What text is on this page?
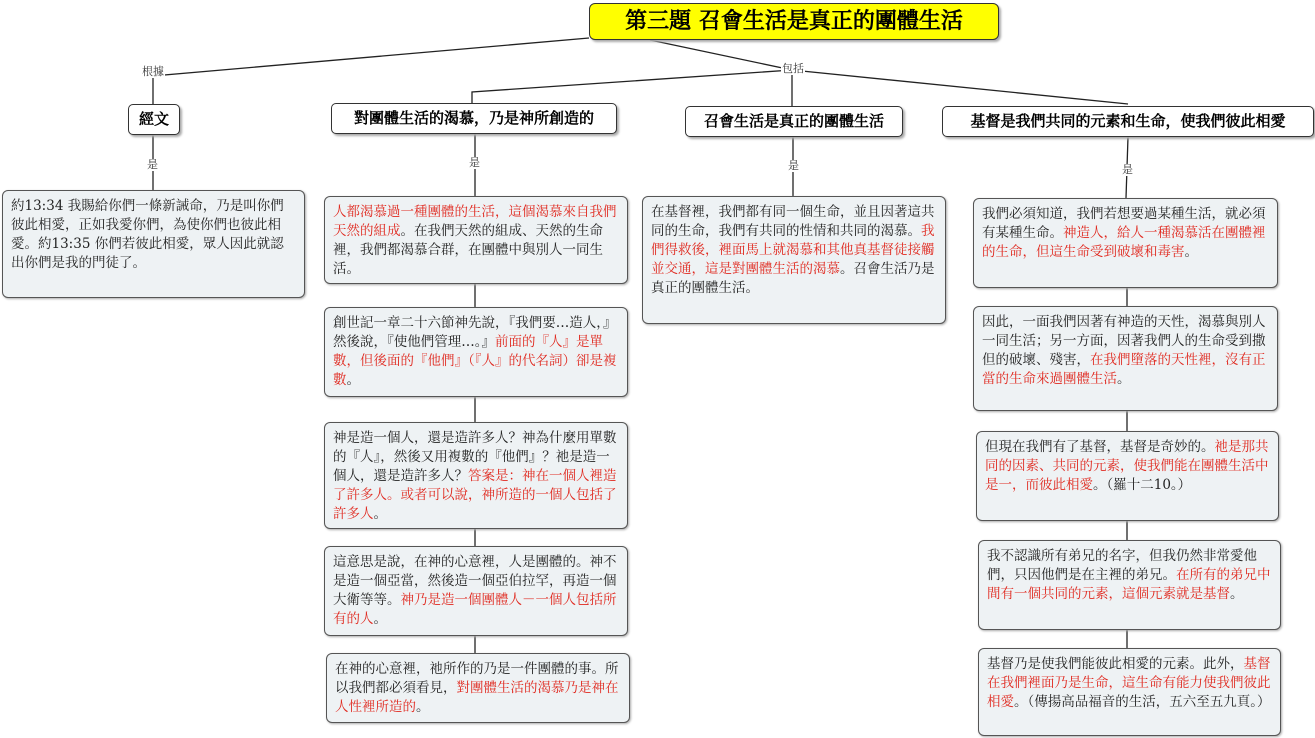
根據	包括
是	是	是	是
第三題 召會生活是真正的團體生活
經文	對團體生活的渴慕，乃是神所創造的	召會生活是真正的團體生活	基督是我們共同的元素和生命，使我們彼此相愛
約13:34 我賜給你們一條新誡命，乃是叫你們彼此相愛，正如我愛你們，為使你們也彼此相愛。約13:35 你們若彼此相愛，眾人因此就認出你們是我的門徒了。
人都渴慕過一種團體的生活，這個渴慕來自我們天然的組成。在我們天然的組成、天然的生命裡，我們都渴慕合群，在團體中與別人一同生活。
創世記一章二十六節神先說，『我們要…造人，』然後說，『使他們管理…。』前面的『人』是單數，但後面的『他們』（『人』的代名詞）卻是複數。
神是造一個人，還是造許多人？神為什麼用單數的『人』，然後又用複數的『他們』？祂是造一個人，還是造許多人？答案是：神在一個人裡造了許多人。或者可以說，神所造的一個人包括了許多人。
這意思是說，在神的心意裡，人是團體的。神不是造一個亞當，然後造一個亞伯拉罕，再造一個大衛等等。神乃是造一個團體人－一個人包括所有的人。
在神的心意裡，祂所作的乃是一件團體的事。所以我們都必須看見，對團體生活的渴慕乃是神在人性裡所造的。
在基督裡，我們都有同一個生命，並且因著這共同的生命，我們有共同的性情和共同的渴慕。我們得救後，裡面馬上就渴慕和其他真基督徒接觸並交通，這是對團體生活的渴慕。召會生活乃是真正的團體生活。
我們必須知道，我們若想要過某種生活，就必須有某種生命。神造人，給人一種渴慕活在團體裡的生命，但這生命受到破壞和毒害。
因此，一面我們因著有神造的天性，渴慕與別人一同生活；另一方面，因著我們人的生命受到撒但的破壞、殘害，在我們墮落的天性裡，沒有正當的生命來過團體生活。
但現在我們有了基督，基督是奇妙的。祂是那共同的因素、共同的元素，使我們能在團體生活中是一，而彼此相愛。（羅十二10。）
我不認識所有弟兄的名字，但我仍然非常愛他們，只因他們是在主裡的弟兄。在所有的弟兄中間有一個共同的元素，這個元素就是基督。
基督乃是使我們能彼此相愛的元素。此外，基督在我們裡面乃是生命，這生命有能力使我們彼此相愛。（傳揚高品福音的生活，五六至五九頁。）
